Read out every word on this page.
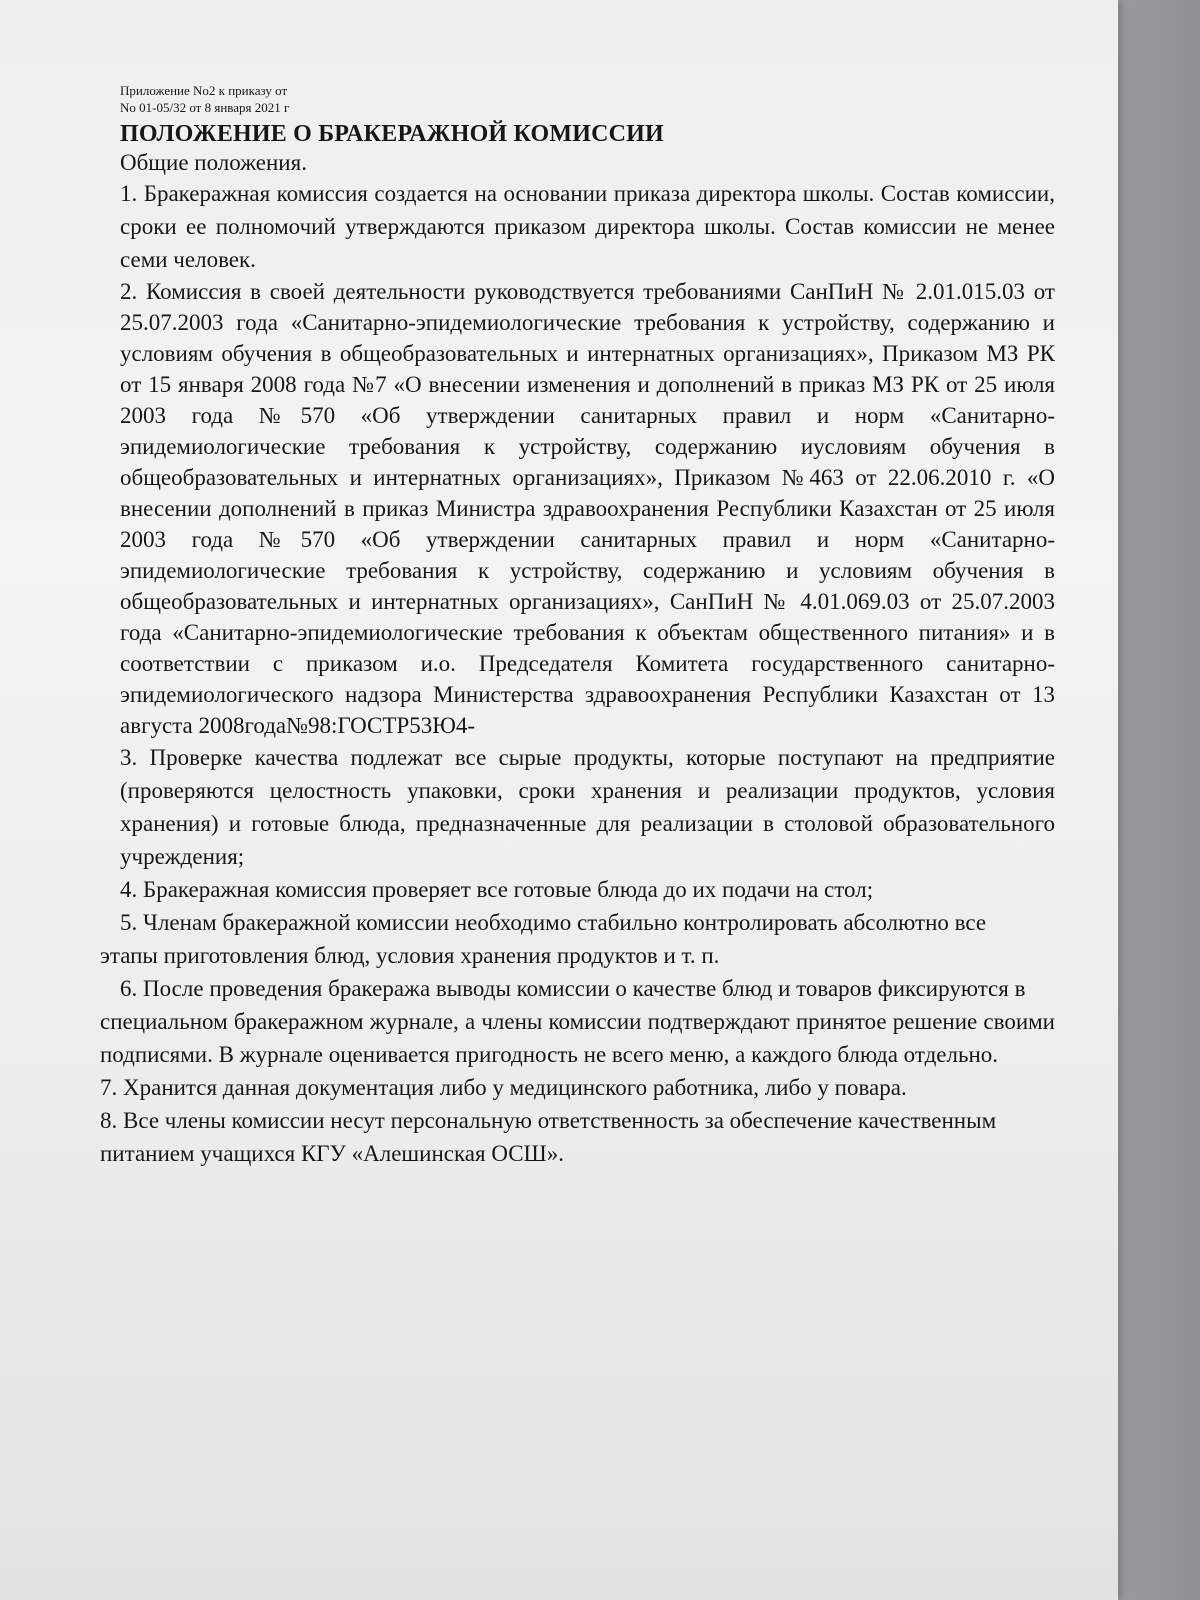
Приложение No2 к приказу от
No 01-05/32 от 8 января 2021 г
ПОЛОЖЕНИЕ О БРАКЕРАЖНОЙ КОМИССИИ
Общие положения.
1. Бракеражная комиссия создается на основании приказа директора школы. Состав комиссии, сроки ее полномочий утверждаются приказом директора школы. Состав комиссии не менее семи человек.
2. Комиссия в своей деятельности руководствуется требованиями СанПиН № 2.01.015.03 от 25.07.2003 года «Санитарно-эпидемиологические требования к устройству, содержанию и условиям обучения в общеобразовательных и интернатных организациях», Приказом МЗ РК от 15 января 2008 года №7 «О внесении изменения и дополнений в приказ МЗ РК от 25 июля 2003 года №570 «Об утверждении санитарных правил и норм «Санитарно-эпидемиологические требования к устройству, содержанию иусловиям обучения в общеобразовательных и интернатных организациях», Приказом №463 от 22.06.2010 г. «О внесении дополнений в приказ Министра здравоохранения Республики Казахстан от 25 июля 2003 года №570 «Об утверждении санитарных правил и норм «Санитарно- эпидемиологические требования к устройству, содержанию и условиям обучения в общеобразовательных и интернатных организациях», СанПиН № 4.01.069.03 от 25.07.2003 года «Санитарно-эпидемиологические требования к объектам общественного питания» и в соответствии с приказом и.о. Председателя Комитета государственного санитарно-эпидемиологического надзора Министерства здравоохранения Республики Казахстан от 13 августа 2008года№98:ГОСТР53Ю4-
3. Проверке качества подлежат все сырые продукты, которые поступают на предприятие (проверяются целостность упаковки, сроки хранения и реализации продуктов, условия хранения) и готовые блюда, предназначенные для реализации в столовой образовательного учреждения;
4. Бракеражная комиссия проверяет все готовые блюда до их подачи на стол;
5. Членам бракеражной комиссии необходимо стабильно контролировать абсолютно все
этапы приготовления блюд, условия хранения продуктов и т. п.
6. После проведения бракеража выводы комиссии о качестве блюд и товаров фиксируются в
специальном бракеражном журнале, а члены комиссии подтверждают принятое решение своими подписями. В журнале оценивается пригодность не всего меню, а каждого блюда отдельно.
7. Хранится данная документация либо у медицинского работника, либо у повара.
8. Все члены комиссии несут персональную ответственность за обеспечение качественным
питанием учащихся КГУ «Алешинская ОСШ».
